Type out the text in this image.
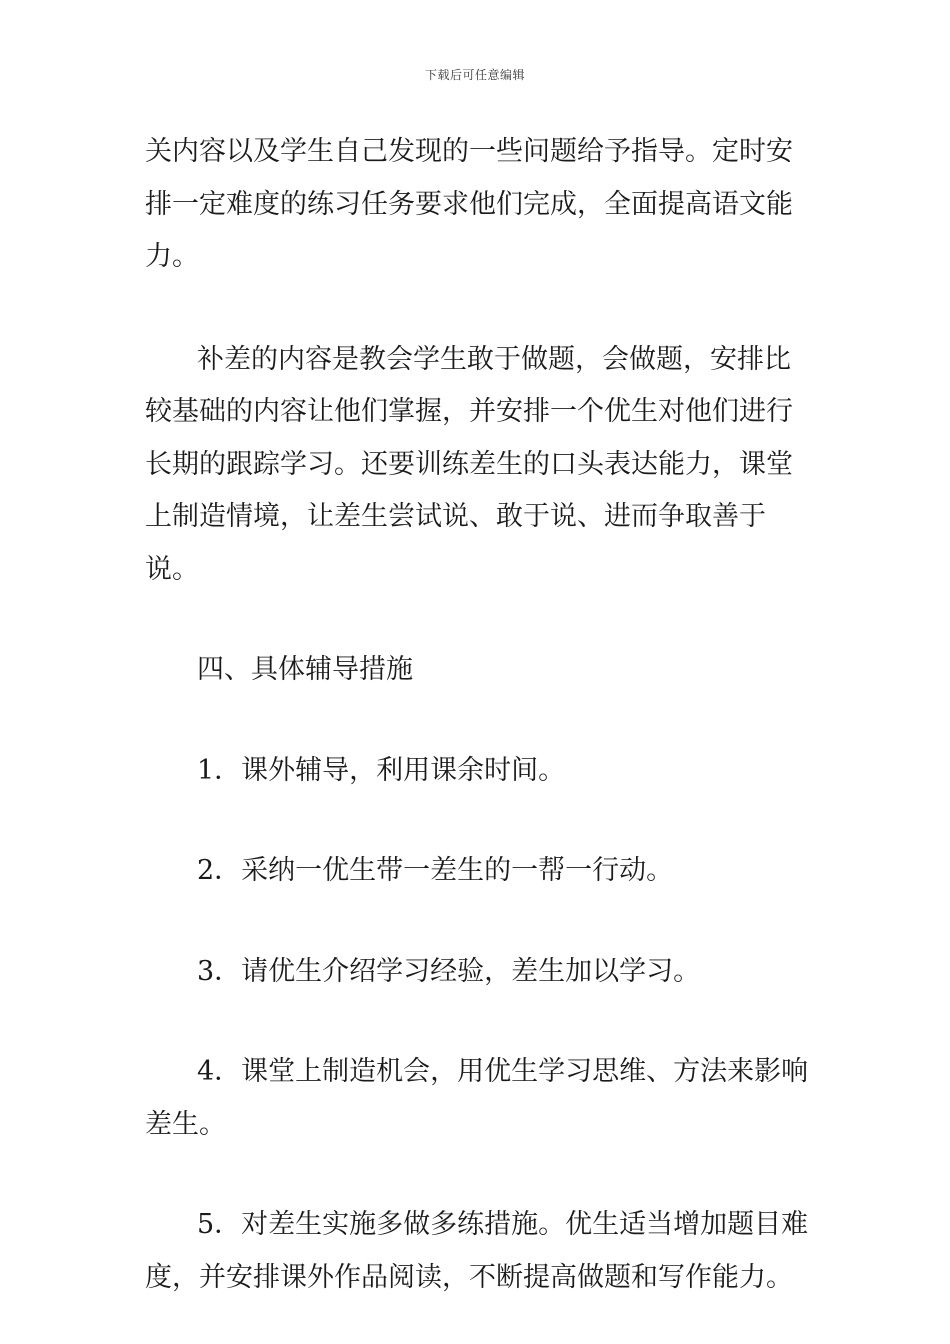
下载后可任意编辑

关内容以及学生自己发现的一些问题给予指导。定时安排一定难度的练习任务要求他们完成，全面提高语文能力。

补差的内容是教会学生敢于做题，会做题，安排比较基础的内容让他们掌握，并安排一个优生对他们进行长期的跟踪学习。还要训练差生的口头表达能力，课堂上制造情境，让差生尝试说、敢于说、进而争取善于说。

四、具体辅导措施

1．课外辅导，利用课余时间。

2．采纳一优生带一差生的一帮一行动。

3．请优生介绍学习经验，差生加以学习。

4．课堂上制造机会，用优生学习思维、方法来影响差生。

5．对差生实施多做多练措施。优生适当增加题目难度，并安排课外作品阅读，不断提高做题和写作能力。
